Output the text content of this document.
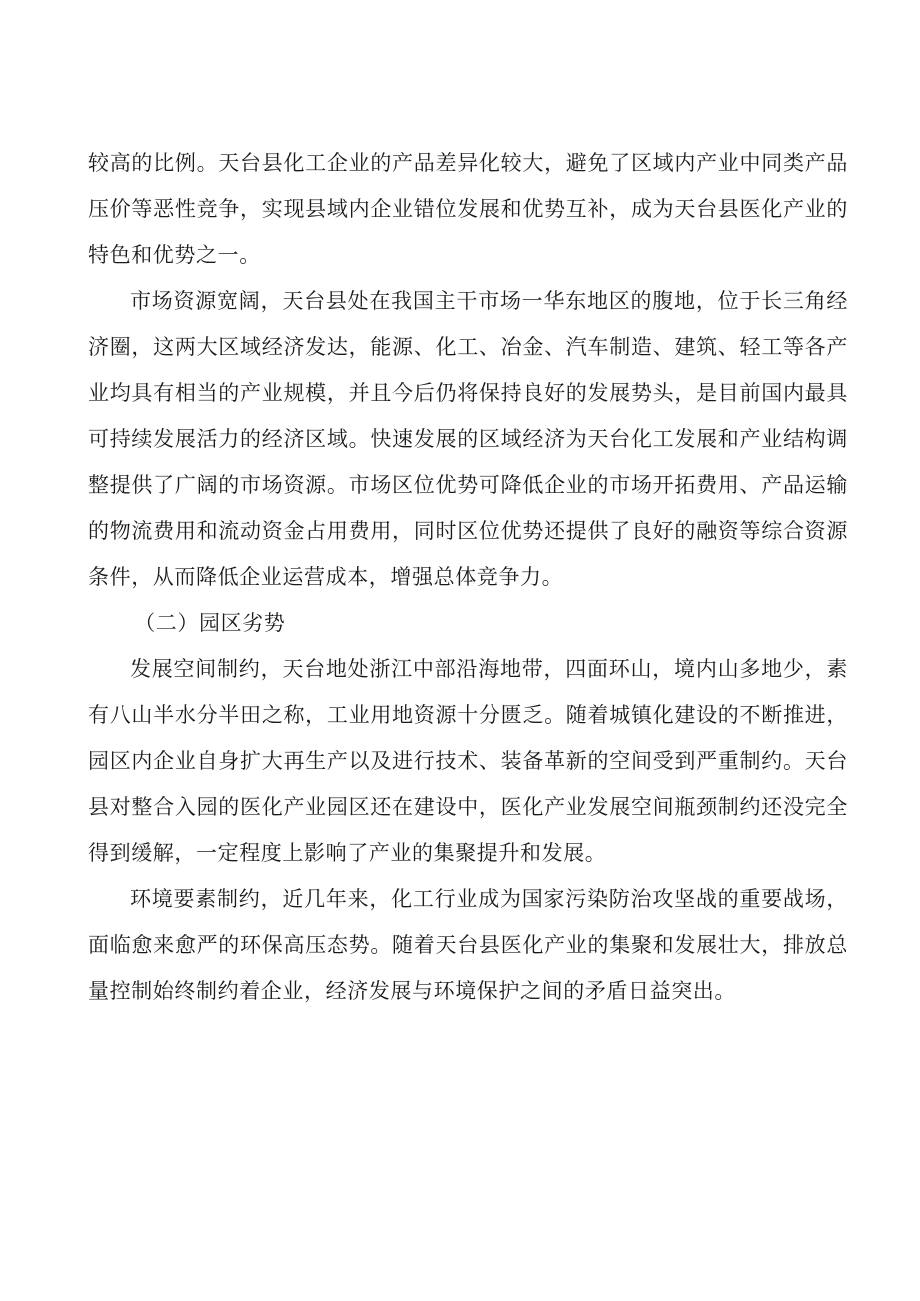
较高的比例。天台县化工企业的产品差异化较大，避免了区域内产业中同类产品压价等恶性竞争，实现县域内企业错位发展和优势互补，成为天台县医化产业的特色和优势之一。

市场资源宽阔，天台县处在我国主干市场一华东地区的腹地，位于长三角经济圈，这两大区域经济发达，能源、化工、冶金、汽车制造、建筑、轻工等各产业均具有相当的产业规模，并且今后仍将保持良好的发展势头，是目前国内最具可持续发展活力的经济区域。快速发展的区域经济为天台化工发展和产业结构调整提供了广阔的市场资源。市场区位优势可降低企业的市场开拓费用、产品运输的物流费用和流动资金占用费用，同时区位优势还提供了良好的融资等综合资源条件，从而降低企业运营成本，增强总体竞争力。

（二）园区劣势

发展空间制约，天台地处浙江中部沿海地带，四面环山，境内山多地少，素有八山半水分半田之称，工业用地资源十分匮乏。随着城镇化建设的不断推进，园区内企业自身扩大再生产以及进行技术、装备革新的空间受到严重制约。天台县对整合入园的医化产业园区还在建设中，医化产业发展空间瓶颈制约还没完全得到缓解，一定程度上影响了产业的集聚提升和发展。

环境要素制约，近几年来，化工行业成为国家污染防治攻坚战的重要战场，面临愈来愈严的环保高压态势。随着天台县医化产业的集聚和发展壮大，排放总量控制始终制约着企业，经济发展与环境保护之间的矛盾日益突出。
